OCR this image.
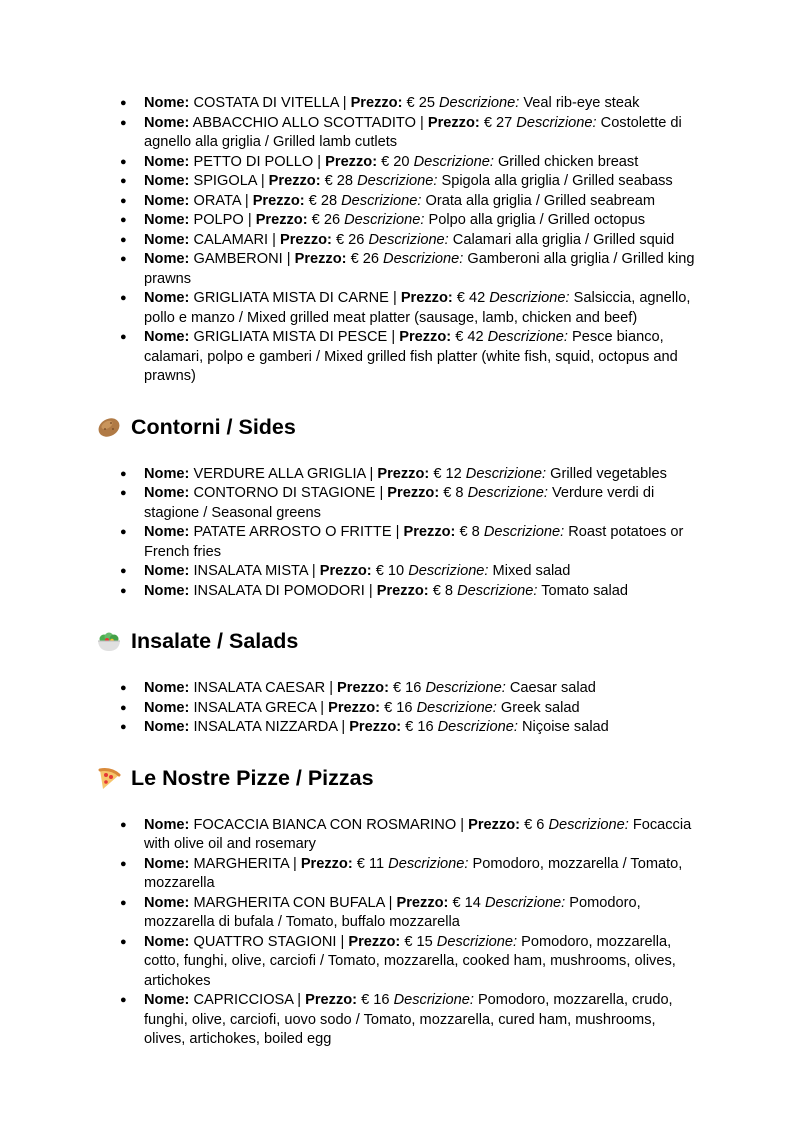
● Nome: COSTATA DI VITELLA | Prezzo: € 25 Descrizione: Veal rib-eye steak
● Nome: ABBACCHIO ALLO SCOTTADITO | Prezzo: € 27 Descrizione: Costolette di agnello alla griglia / Grilled lamb cutlets
● Nome: PETTO DI POLLO | Prezzo: € 20 Descrizione: Grilled chicken breast
● Nome: SPIGOLA | Prezzo: € 28 Descrizione: Spigola alla griglia / Grilled seabass
● Nome: ORATA | Prezzo: € 28 Descrizione: Orata alla griglia / Grilled seabream
● Nome: POLPO | Prezzo: € 26 Descrizione: Polpo alla griglia / Grilled octopus
● Nome: CALAMARI | Prezzo: € 26 Descrizione: Calamari alla griglia / Grilled squid
● Nome: GAMBERONI | Prezzo: € 26 Descrizione: Gamberoni alla griglia / Grilled king prawns
● Nome: GRIGLIATA MISTA DI CARNE | Prezzo: € 42 Descrizione: Salsiccia, agnello, pollo e manzo / Mixed grilled meat platter (sausage, lamb, chicken and beef)
● Nome: GRIGLIATA MISTA DI PESCE | Prezzo: € 42 Descrizione: Pesce bianco, calamari, polpo e gamberi / Mixed grilled fish platter (white fish, squid, octopus and prawns)
Contorni / Sides
● Nome: VERDURE ALLA GRIGLIA | Prezzo: € 12 Descrizione: Grilled vegetables
● Nome: CONTORNO DI STAGIONE | Prezzo: € 8 Descrizione: Verdure verdi di stagione / Seasonal greens
● Nome: PATATE ARROSTO O FRITTE | Prezzo: € 8 Descrizione: Roast potatoes or French fries
● Nome: INSALATA MISTA | Prezzo: € 10 Descrizione: Mixed salad
● Nome: INSALATA DI POMODORI | Prezzo: € 8 Descrizione: Tomato salad
Insalate / Salads
● Nome: INSALATA CAESAR | Prezzo: € 16 Descrizione: Caesar salad
● Nome: INSALATA GRECA | Prezzo: € 16 Descrizione: Greek salad
● Nome: INSALATA NIZZARDA | Prezzo: € 16 Descrizione: Niçoise salad
Le Nostre Pizze / Pizzas
● Nome: FOCACCIA BIANCA CON ROSMARINO | Prezzo: € 6 Descrizione: Focaccia with olive oil and rosemary
● Nome: MARGHERITA | Prezzo: € 11 Descrizione: Pomodoro, mozzarella / Tomato, mozzarella
● Nome: MARGHERITA CON BUFALA | Prezzo: € 14 Descrizione: Pomodoro, mozzarella di bufala / Tomato, buffalo mozzarella
● Nome: QUATTRO STAGIONI | Prezzo: € 15 Descrizione: Pomodoro, mozzarella, cotto, funghi, olive, carciofi / Tomato, mozzarella, cooked ham, mushrooms, olives, artichokes
● Nome: CAPRICCIOSA | Prezzo: € 16 Descrizione: Pomodoro, mozzarella, crudo, funghi, olive, carciofi, uovo sodo / Tomato, mozzarella, cured ham, mushrooms, olives, artichokes, boiled egg
